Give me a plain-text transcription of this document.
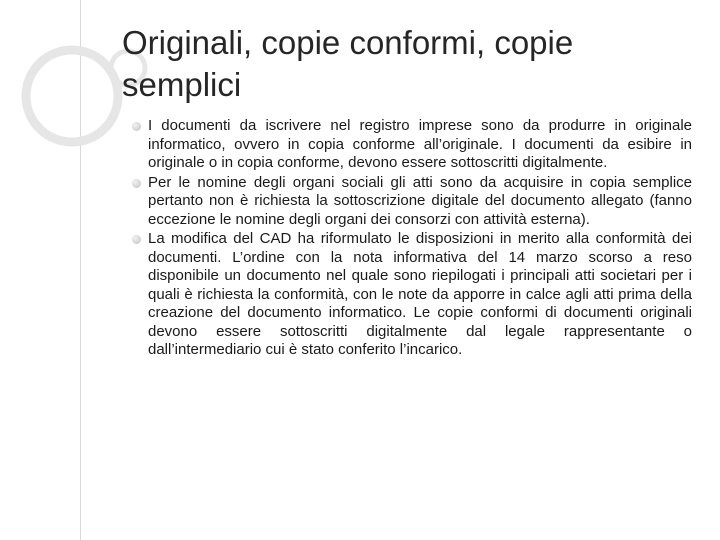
Originali, copie conformi, copie semplici
I documenti da iscrivere nel registro imprese sono da produrre in originale informatico, ovvero in copia conforme all’originale. I documenti da esibire in originale o in copia conforme, devono essere sottoscritti digitalmente.
Per le nomine degli organi sociali gli atti sono da acquisire in copia semplice pertanto non è richiesta la sottoscrizione digitale del documento allegato (fanno eccezione le nomine degli organi dei consorzi con attività esterna).
La modifica del CAD ha riformulato le disposizioni in merito alla conformità dei documenti. L’ordine con la nota informativa del 14 marzo scorso a reso disponibile un documento nel quale sono riepilogati i principali atti societari per i quali è richiesta la conformità, con le note da apporre in calce agli atti prima della creazione del documento informatico. Le copie conformi di documenti originali devono essere sottoscritti digitalmente dal legale rappresentante o dall’intermediario cui è stato conferito l’incarico.
